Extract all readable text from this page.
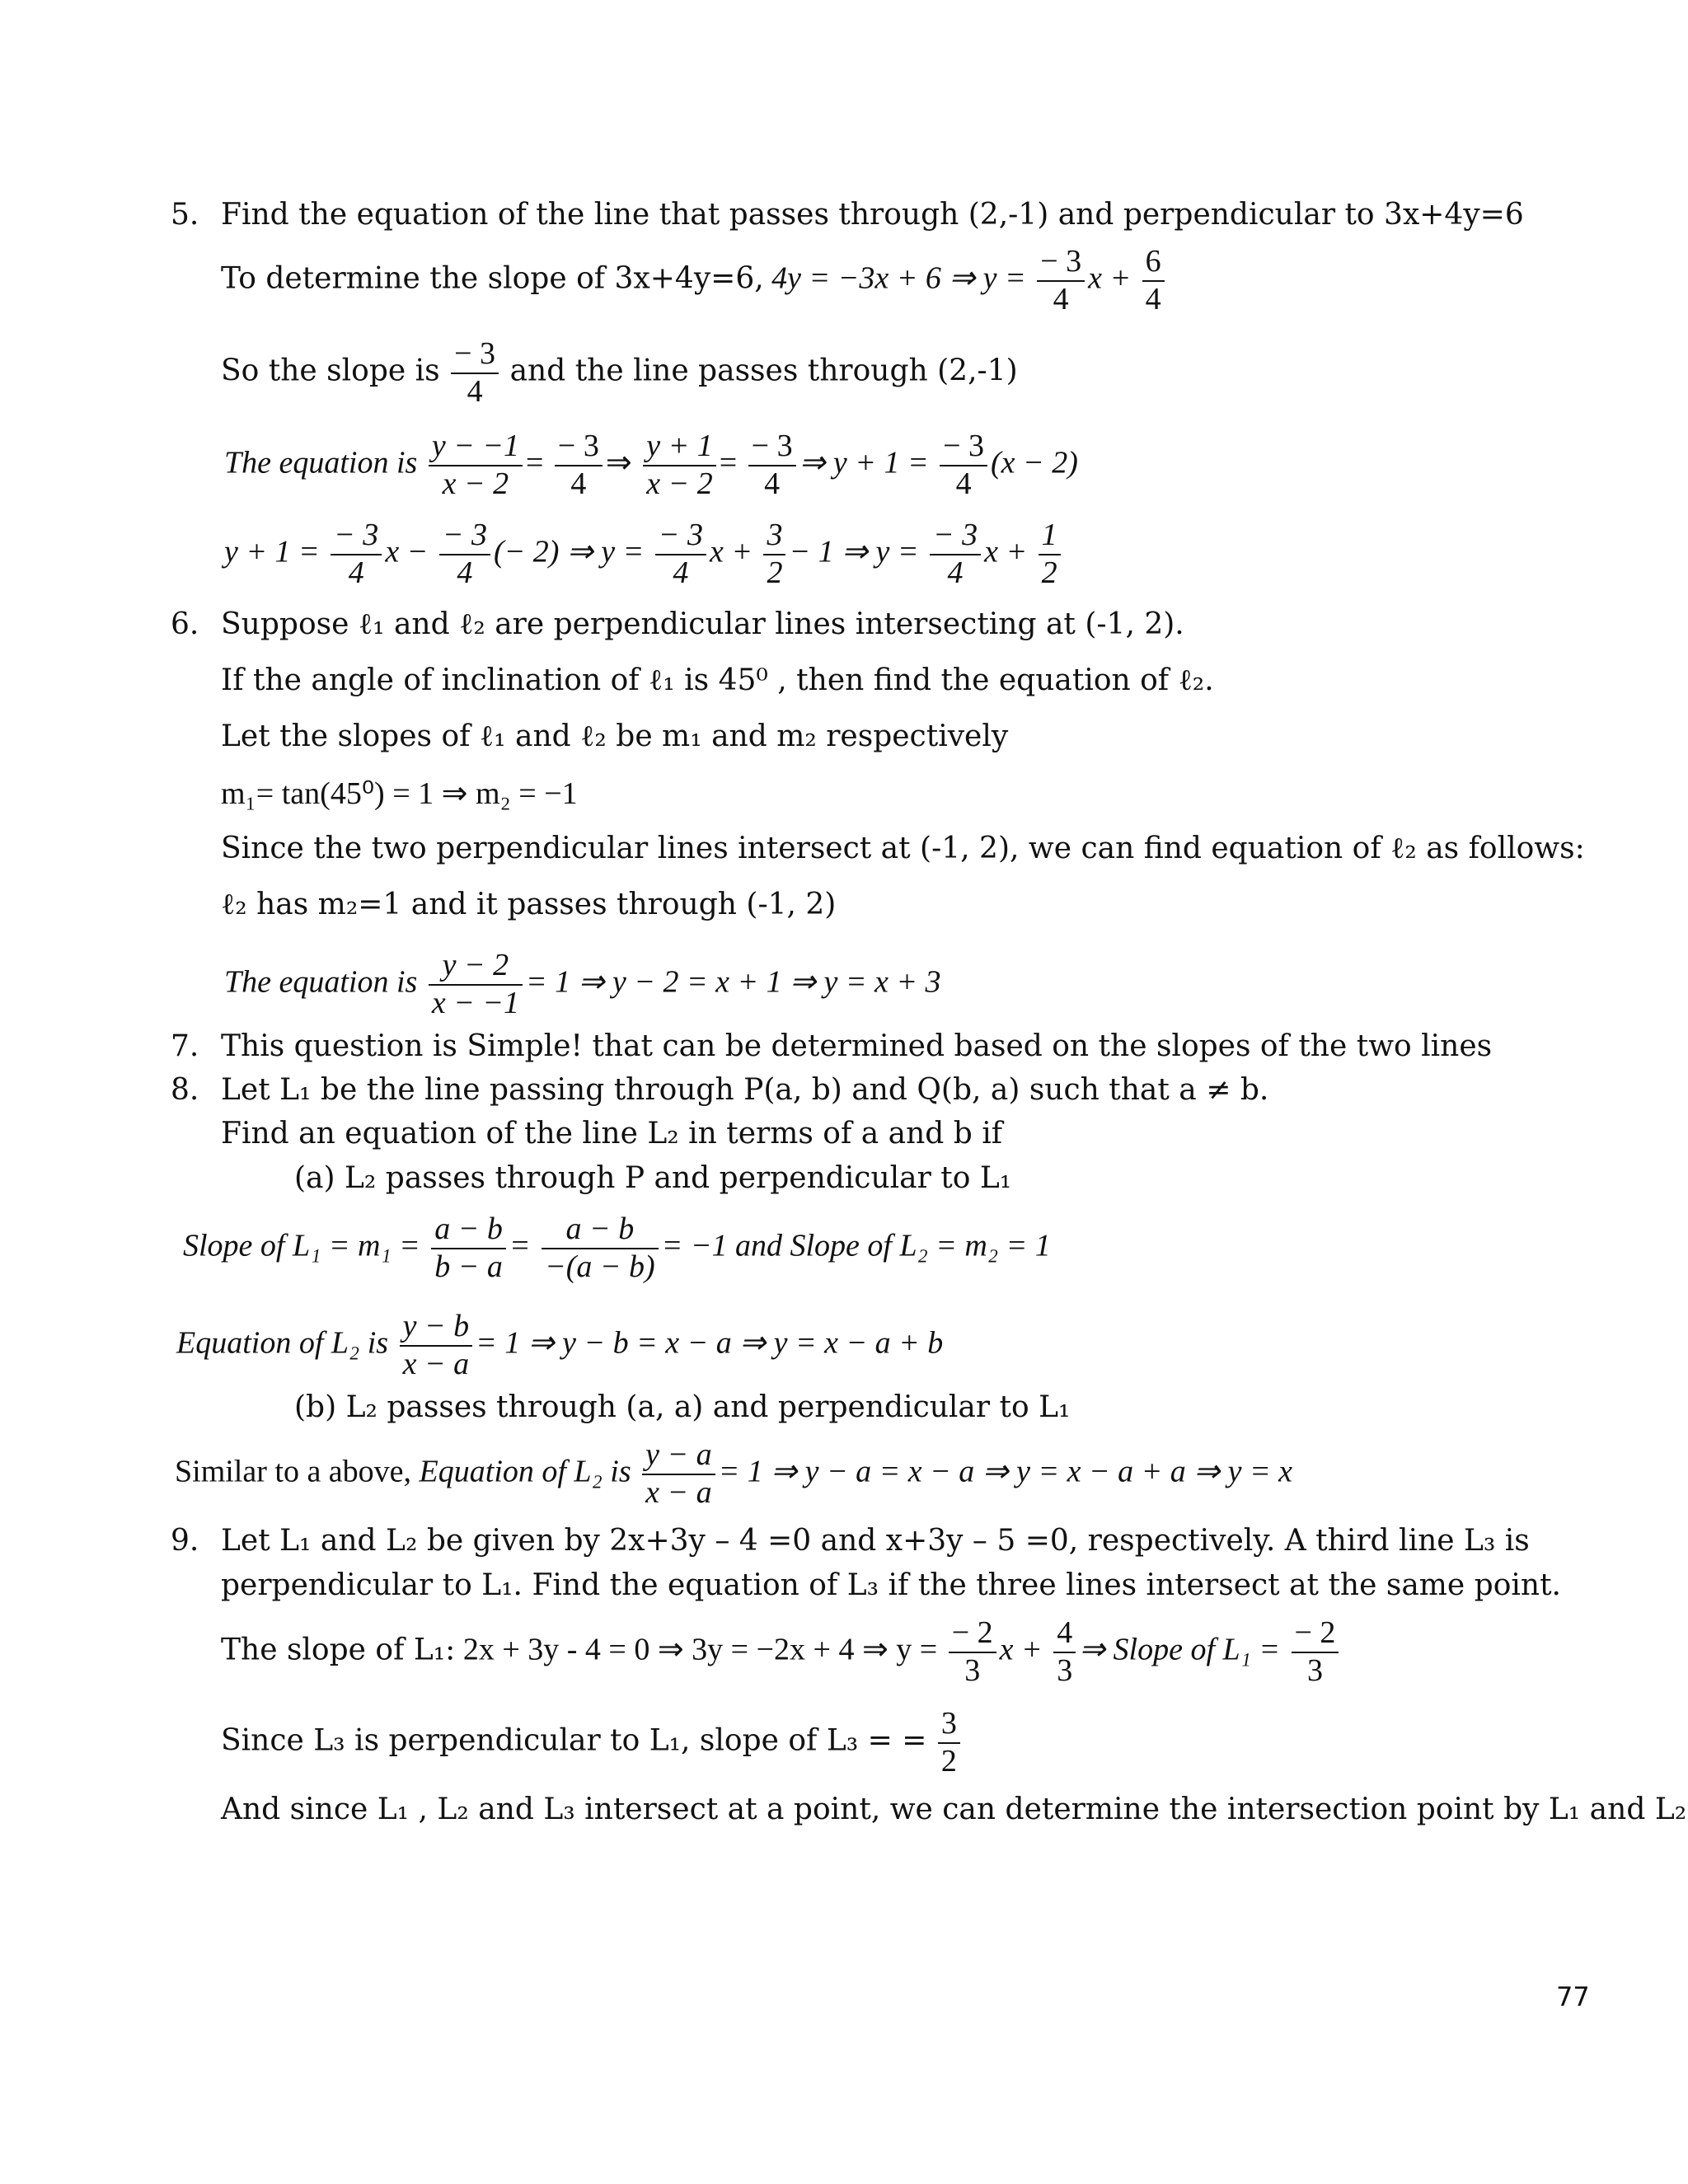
5. Find the equation of the line that passes through (2,-1) and perpendicular to 3x+4y=6
To determine the slope of 3x+4y=6, 4y = −3x + 6 ⇒ $y = \frac{- 3}{4}$ $x + \frac{6}{4}$
So the slope is $\frac{- 3}{4}$ and the line passes through (2,-1)
The equation is $\frac{y - -1}{x - 2} = \frac{- 3}{4}$ ⇒ $\frac{y + 1}{x - 2} = \frac{- 3}{4}$ ⇒ $y + 1 = \frac{- 3}{4} (x - 2)$
$y + 1 = \frac{- 3}{4}$ $x - \frac{- 3}{4}$ (− 2) ⇒ $y = \frac{- 3}{4}$ $x + \frac{3}{2} - 1$ ⇒ $y = \frac{- 3}{4}$ $x + \frac{1}{2}$
6. Suppose ℓ₁ and ℓ₂ are perpendicular lines intersecting at (-1, 2).
If the angle of inclination of ℓ₁ is 45⁰ , then find the equation of ℓ₂.
Let the slopes of ℓ₁ and ℓ₂ be m₁ and m₂ respectively
m₁= tan(45⁰) = 1 ⇒ m₂ = −1
Since the two perpendicular lines intersect at (-1, 2), we can find equation of ℓ₂ as follows:
ℓ₂ has m₂=1 and it passes through (-1, 2)
The equation is $\frac{y - 2}{x - -1} = 1$ ⇒ y − 2 = x + 1 ⇒ y = x + 3
7. This question is Simple! that can be determined based on the slopes of the two lines
8. Let L₁ be the line passing through P(a, b) and Q(b, a) such that a ≠ b.
Find an equation of the line L₂ in terms of a and b if
(a) L₂ passes through P and perpendicular to L₁
Slope of $L_1 = m_1 = \frac{a - b}{b - a} = \frac{a - b}{-(a - b)} = -1$ and Slope of L₂ = m₂ = 1
Equation of L₂ is $\frac{y - b}{x - a} = 1$ ⇒ y − b = x − a ⇒ y = x − a + b
(b) L₂ passes through (a, a) and perpendicular to L₁
Similar to a above, Equation of L₂ is $\frac{y - a}{x - a} = 1$ ⇒ y − a = x − a ⇒ y = x − a + a ⇒ y = x
9. Let L₁ and L₂ be given by 2x+3y – 4 =0 and x+3y – 5 =0, respectively. A third line L₃ is
perpendicular to L₁. Find the equation of L₃ if the three lines intersect at the same point.
The slope of L₁: 2x + 3y - 4 = 0 ⇒ 3y = −2x + 4 ⇒ $y = \frac{- 2}{3}$ $x + \frac{4}{3}$ ⇒ Slope of $L_1 = \frac{- 2}{3}$
Since L₃ is perpendicular to L₁, slope of L₃ = = $\frac{3}{2}$
And since L₁ , L₂ and L₃ intersect at a point, we can determine the intersection point by L₁ and L₂
77
